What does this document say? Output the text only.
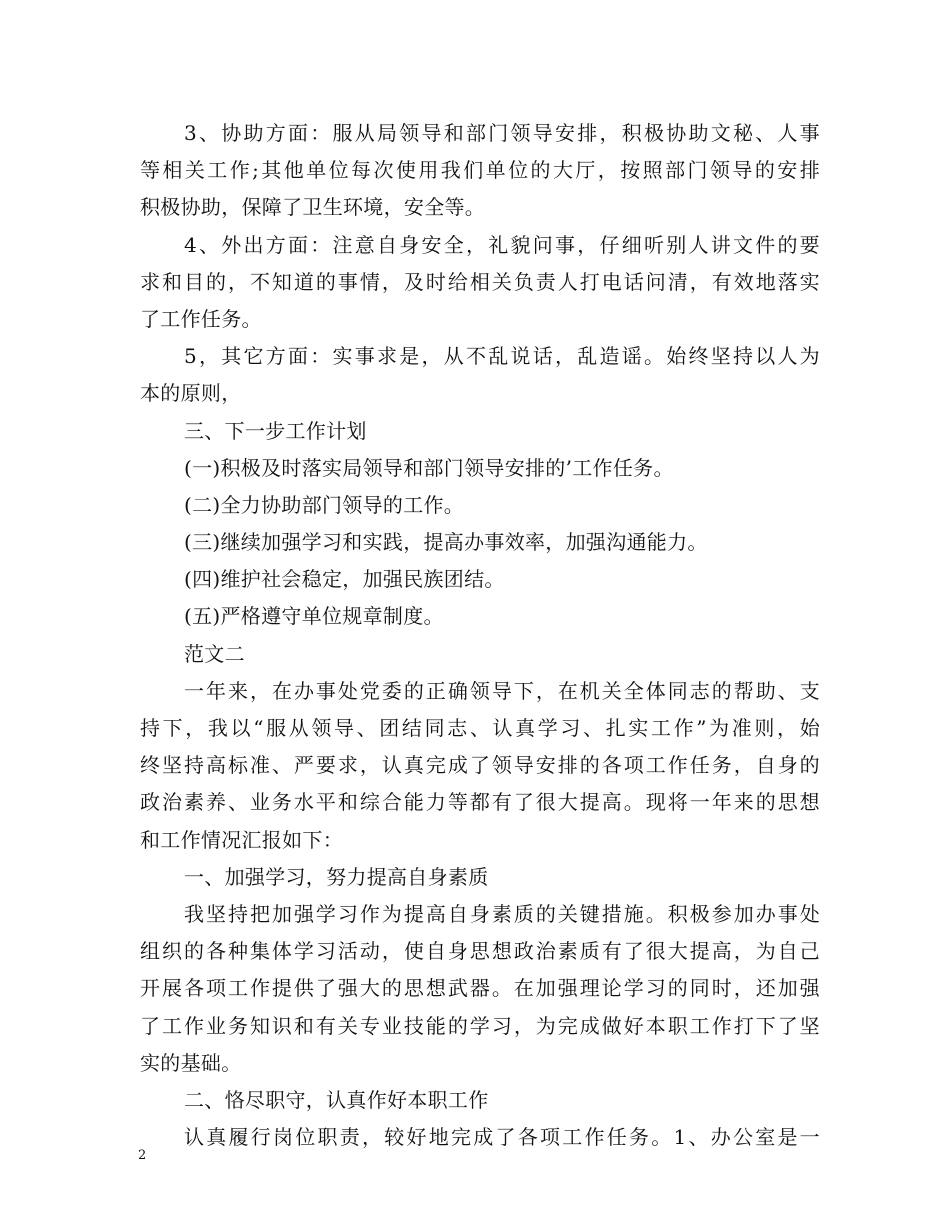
3、协助方面：服从局领导和部门领导安排，积极协助文秘、人事
等相关工作;其他单位每次使用我们单位的大厅，按照部门领导的安排
积极协助，保障了卫生环境，安全等。
4、外出方面：注意自身安全，礼貌问事，仔细听别人讲文件的要
求和目的，不知道的事情，及时给相关负责人打电话问清，有效地落实
了工作任务。
5，其它方面：实事求是，从不乱说话，乱造谣。始终坚持以人为
本的原则，
三、下一步工作计划
(一)积极及时落实局领导和部门领导安排的’工作任务。
(二)全力协助部门领导的工作。
(三)继续加强学习和实践，提高办事效率，加强沟通能力。
(四)维护社会稳定，加强民族团结。
(五)严格遵守单位规章制度。
范文二
一年来，在办事处党委的正确领导下，在机关全体同志的帮助、支
持下，我以“服从领导、团结同志、认真学习、扎实工作”为准则，始
终坚持高标准、严要求，认真完成了领导安排的各项工作任务，自身的
政治素养、业务水平和综合能力等都有了很大提高。现将一年来的思想
和工作情况汇报如下：
一、加强学习，努力提高自身素质
我坚持把加强学习作为提高自身素质的关键措施。积极参加办事处
组织的各种集体学习活动，使自身思想政治素质有了很大提高，为自己
开展各项工作提供了强大的思想武器。在加强理论学习的同时，还加强
了工作业务知识和有关专业技能的学习，为完成做好本职工作打下了坚
实的基础。
二、恪尽职守，认真作好本职工作
认真履行岗位职责，较好地完成了各项工作任务。1、办公室是一
2
